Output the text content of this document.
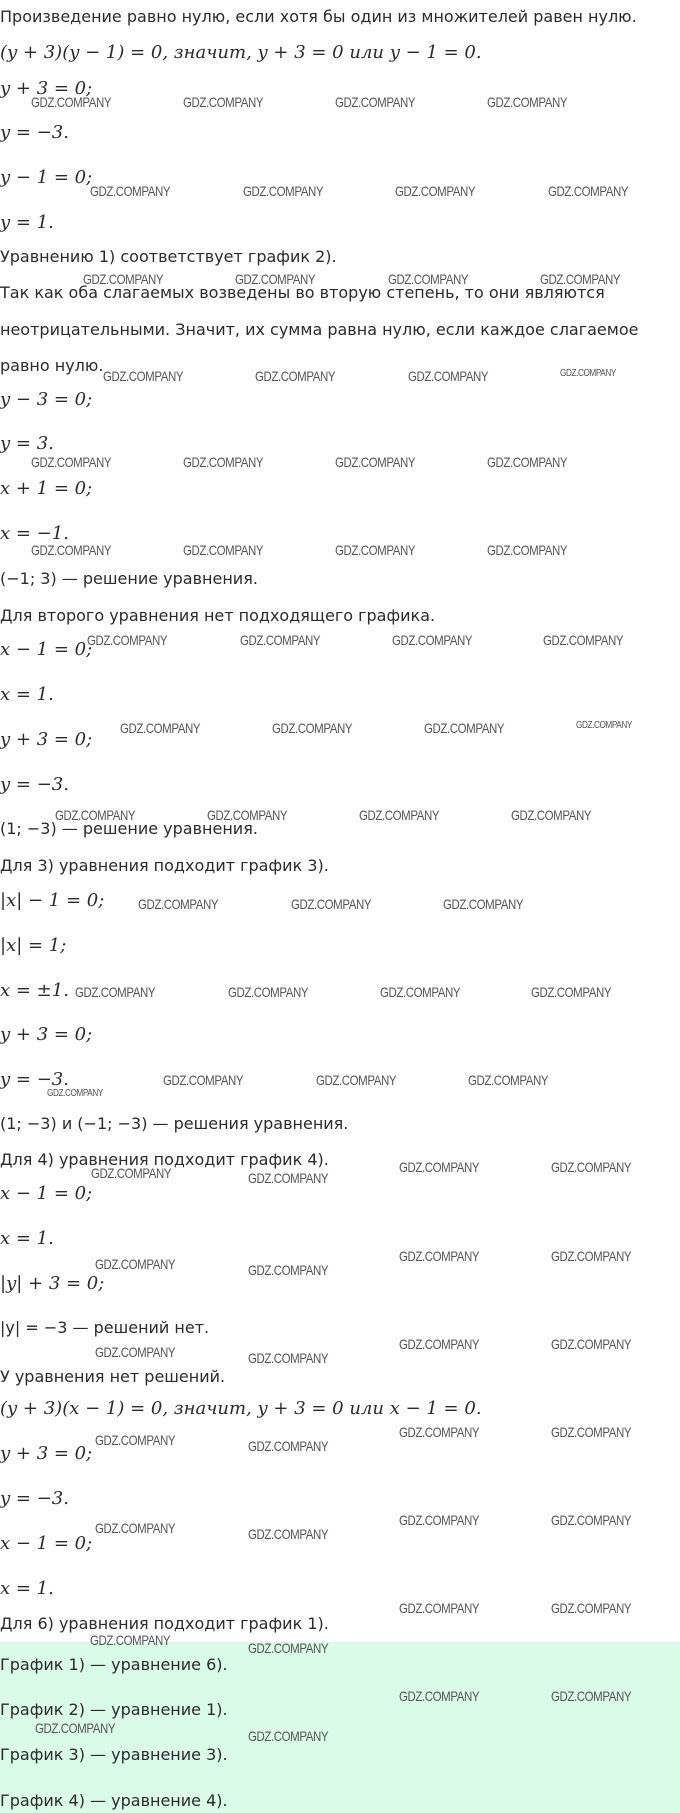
Произведение равно нулю, если хотя бы один из множителей равен нулю.
(y + 3)(y − 1) = 0, значит, y + 3 = 0 или y − 1 = 0.
y + 3 = 0;
y = −3.
y − 1 = 0;
y = 1.
Уравнению 1) соответствует график 2).
Так как оба слагаемых возведены во вторую степень, то они являются
неотрицательными. Значит, их сумма равна нулю, если каждое слагаемое
равно нулю.
y − 3 = 0;
y = 3.
x + 1 = 0;
x = −1.
(−1; 3) — решение уравнения.
Для второго уравнения нет подходящего графика.
x − 1 = 0;
x = 1.
y + 3 = 0;
y = −3.
(1; −3) — решение уравнения.
Для 3) уравнения подходит график 3).
|x| − 1 = 0;
|x| = 1;
x = ±1.
y + 3 = 0;
y = −3.
(1; −3) и (−1; −3) — решения уравнения.
Для 4) уравнения подходит график 4).
x − 1 = 0;
x = 1.
|y| + 3 = 0;
|y| = −3 — решений нет.
У уравнения нет решений.
(y + 3)(x − 1) = 0, значит, y + 3 = 0 или x − 1 = 0.
y + 3 = 0;
y = −3.
x − 1 = 0;
x = 1.
Для 6) уравнения подходит график 1).
График 1) — уравнение 6).
График 2) — уравнение 1).
График 3) — уравнение 3).
График 4) — уравнение 4).
GDZ.COMPANY	GDZ.COMPANY	GDZ.COMPANY	GDZ.COMPANY
GDZ.COMPANY	GDZ.COMPANY	GDZ.COMPANY	GDZ.COMPANY
GDZ.COMPANY	GDZ.COMPANY	GDZ.COMPANY	GDZ.COMPANY
GDZ.COMPANY	GDZ.COMPANY	GDZ.COMPANY	GDZ.COMPANY
GDZ.COMPANY	GDZ.COMPANY	GDZ.COMPANY	GDZ.COMPANY
GDZ.COMPANY	GDZ.COMPANY	GDZ.COMPANY	GDZ.COMPANY
GDZ.COMPANY	GDZ.COMPANY	GDZ.COMPANY	GDZ.COMPANY
GDZ.COMPANY	GDZ.COMPANY	GDZ.COMPANY	GDZ.COMPANY
GDZ.COMPANY	GDZ.COMPANY	GDZ.COMPANY	GDZ.COMPANY
GDZ.COMPANY	GDZ.COMPANY	GDZ.COMPANY
GDZ.COMPANY	GDZ.COMPANY	GDZ.COMPANY	GDZ.COMPANY
GDZ.COMPANY	GDZ.COMPANY	GDZ.COMPANY
GDZ.COMPANY
GDZ.COMPANY	GDZ.COMPANY
GDZ.COMPANY	GDZ.COMPANY
GDZ.COMPANY	GDZ.COMPANY
GDZ.COMPANY	GDZ.COMPANY
GDZ.COMPANY	GDZ.COMPANY
GDZ.COMPANY	GDZ.COMPANY
GDZ.COMPANY	GDZ.COMPANY
GDZ.COMPANY	GDZ.COMPANY
GDZ.COMPANY	GDZ.COMPANY
GDZ.COMPANY	GDZ.COMPANY
GDZ.COMPANY	GDZ.COMPANY
GDZ.COMPANY	GDZ.COMPANY
GDZ.COMPANY	GDZ.COMPANY
GDZ.COMPANY	GDZ.COMPANY
